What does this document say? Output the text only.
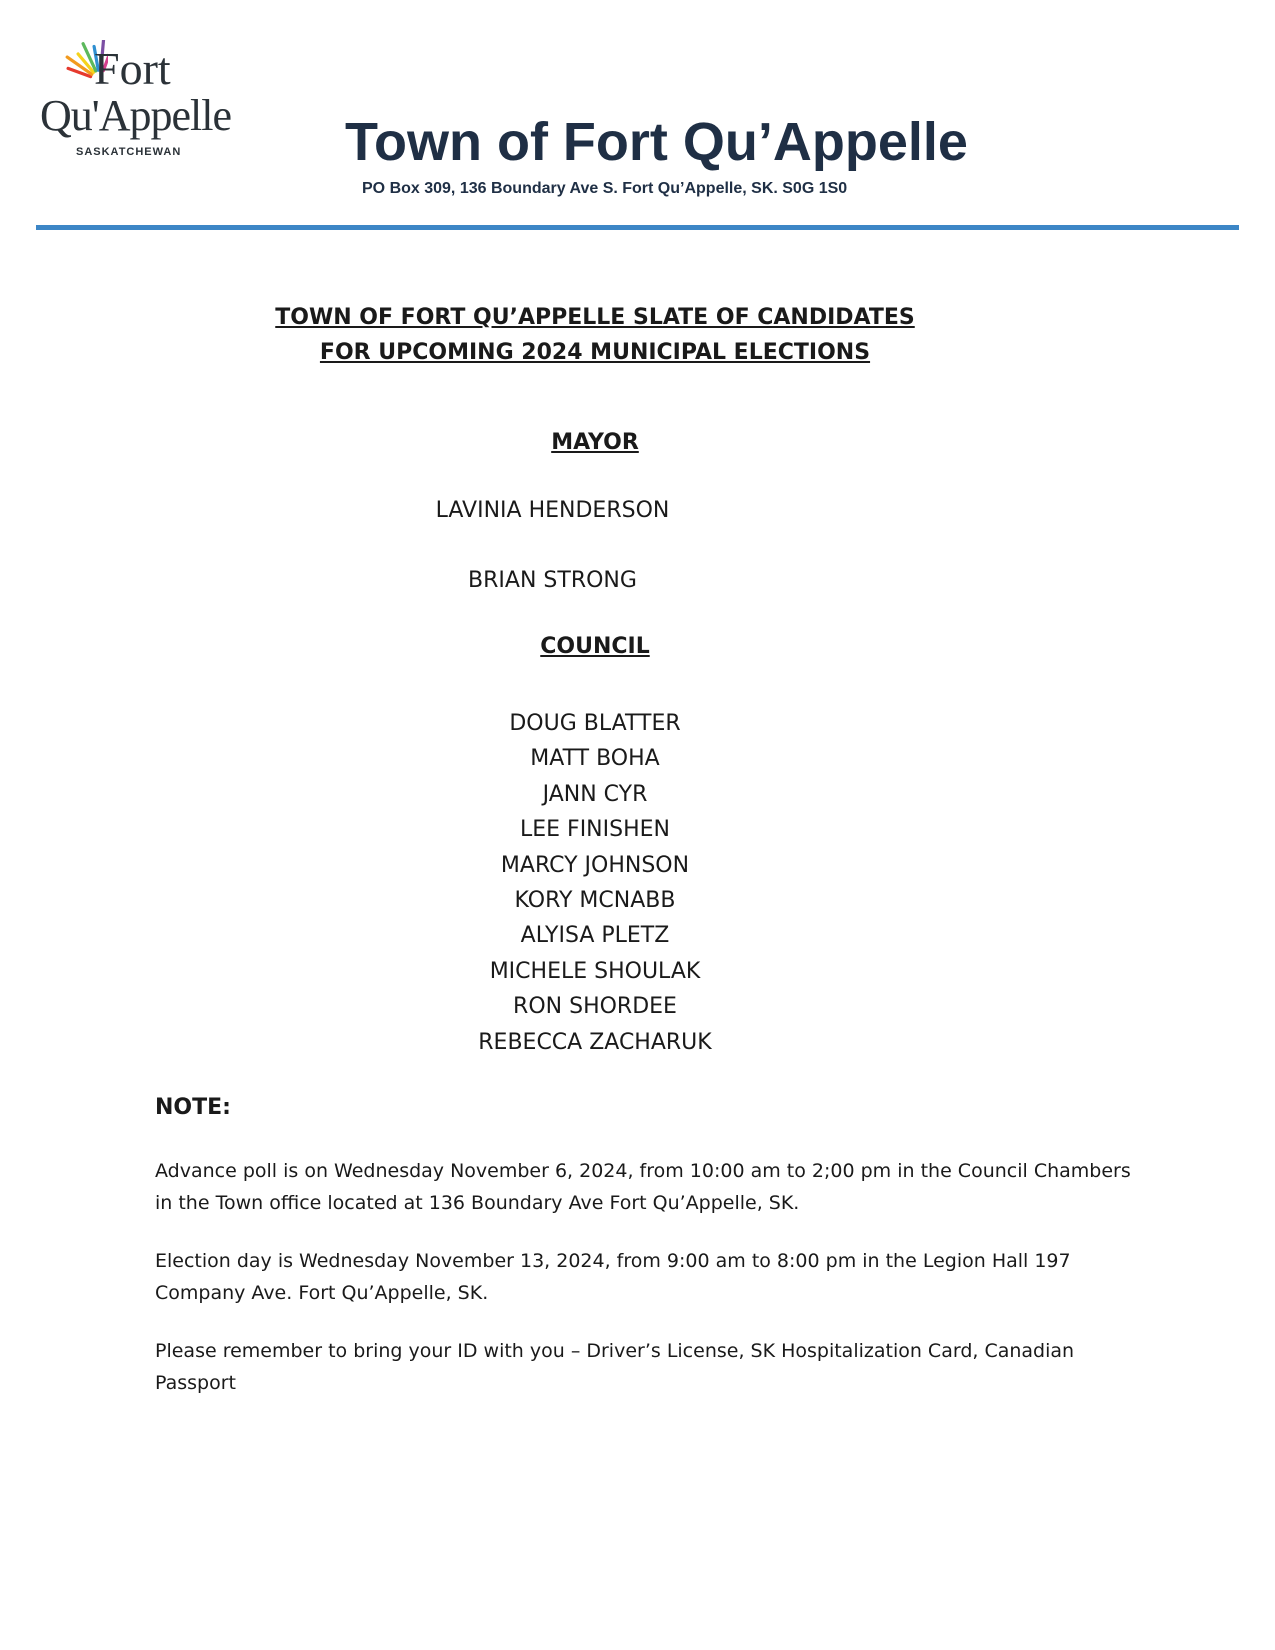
Fort
Qu'Appelle
SASKATCHEWAN	Town of Fort Qu’Appelle
PO Box 309, 136 Boundary Ave S. Fort Qu’Appelle, SK. S0G 1S0
TOWN OF FORT QU’APPELLE SLATE OF CANDIDATES
FOR UPCOMING 2024 MUNICIPAL ELECTIONS
MAYOR
LAVINIA HENDERSON
BRIAN STRONG
COUNCIL
DOUG BLATTER
MATT BOHA
JANN CYR
LEE FINISHEN
MARCY JOHNSON
KORY MCNABB
ALYISA PLETZ
MICHELE SHOULAK
RON SHORDEE
REBECCA ZACHARUK
NOTE:
Advance poll is on Wednesday November 6, 2024, from 10:00 am to 2;00 pm in the Council Chambers in the Town office located at 136 Boundary Ave Fort Qu’Appelle, SK.
Election day is Wednesday November 13, 2024, from 9:00 am to 8:00 pm in the Legion Hall 197 Company Ave. Fort Qu’Appelle, SK.
Please remember to bring your ID with you – Driver’s License, SK Hospitalization Card, Canadian Passport
